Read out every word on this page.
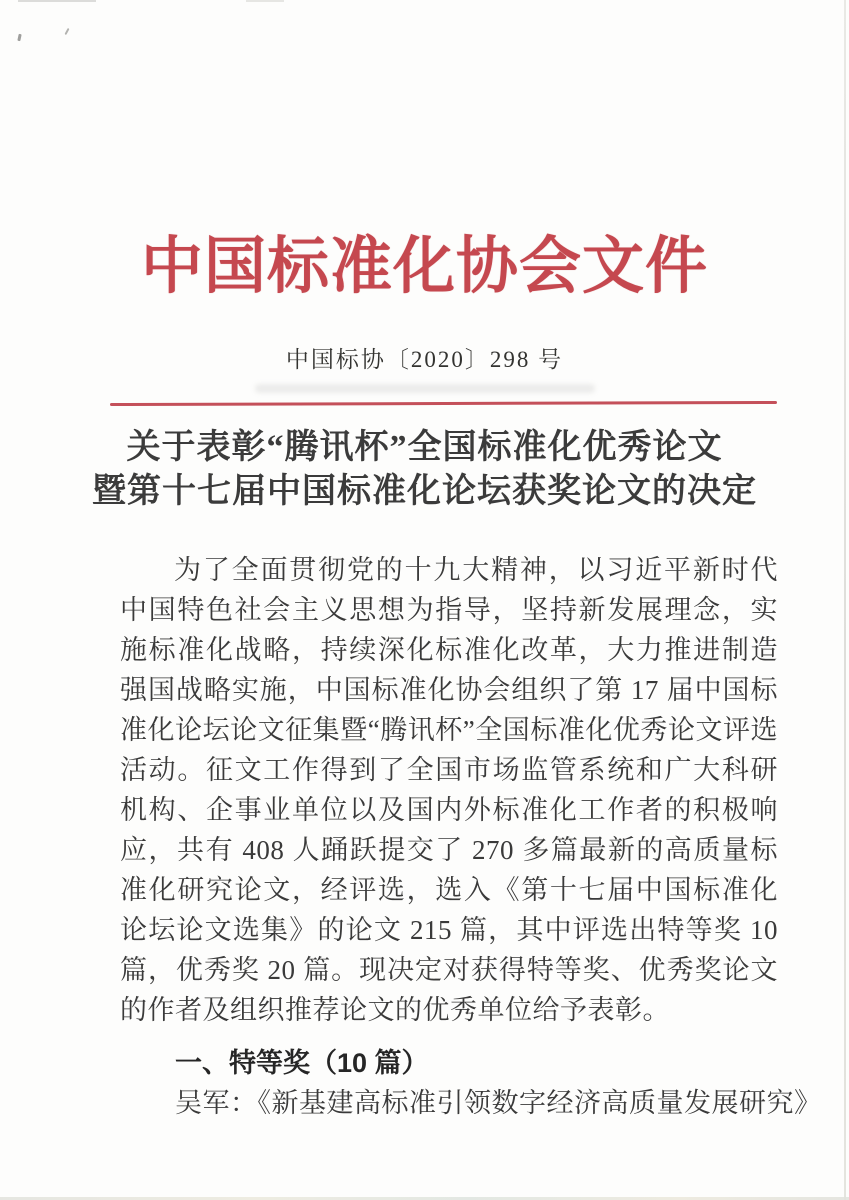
中国标准化协会文件
中国标协〔2020〕298 号
关于表彰“腾讯杯”全国标准化优秀论文
暨第十七届中国标准化论坛获奖论文的决定

为了全面贯彻党的十九大精神，以习近平新时代中国特色社会主义思想为指导，坚持新发展理念，实施标准化战略，持续深化标准化改革，大力推进制造强国战略实施，中国标准化协会组织了第 17 届中国标准化论坛论文征集暨“腾讯杯”全国标准化优秀论文评选活动。征文工作得到了全国市场监管系统和广大科研机构、企事业单位以及国内外标准化工作者的积极响应，共有 408 人踊跃提交了 270 多篇最新的高质量标准化研究论文，经评选，选入《第十七届中国标准化论坛论文选集》的论文 215 篇，其中评选出特等奖 10 篇，优秀奖 20 篇。现决定对获得特等奖、优秀奖论文的作者及组织推荐论文的优秀单位给予表彰。

一、特等奖（10 篇）
吴军：《新基建高标准引领数字经济高质量发展研究》
